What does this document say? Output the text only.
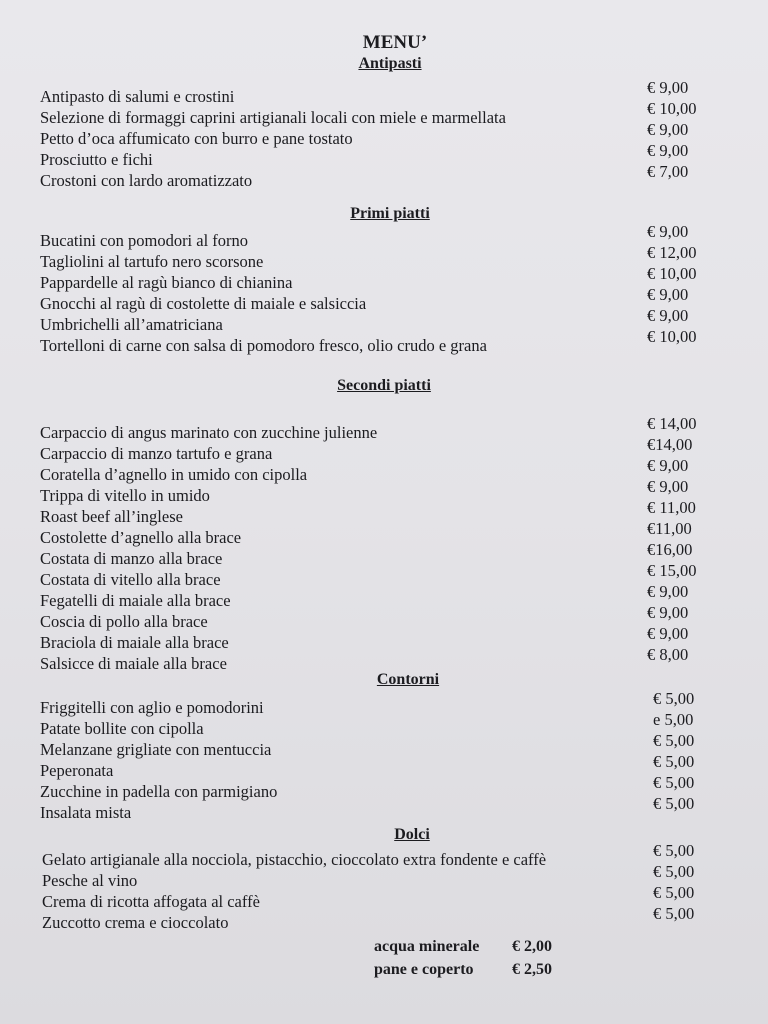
MENU’
Antipasti
Antipasto di salumi e crostini	€ 9,00
Selezione di formaggi caprini artigianali locali con miele e marmellata	€ 10,00
Petto d’oca affumicato con burro e pane tostato	€ 9,00
Prosciutto e fichi	€ 9,00
Crostoni con lardo aromatizzato	€ 7,00
Primi piatti
Bucatini con pomodori al forno	€ 9,00
Tagliolini al tartufo nero scorsone	€ 12,00
Pappardelle al ragù bianco di chianina	€ 10,00
Gnocchi al ragù di costolette di maiale e salsiccia	€ 9,00
Umbrichelli all’amatriciana	€ 9,00
Tortelloni di carne con salsa di pomodoro fresco, olio crudo e grana	€ 10,00
Secondi piatti
Carpaccio di angus marinato con zucchine julienne	€ 14,00
Carpaccio di manzo tartufo e grana	€14,00
Coratella d’agnello in umido con cipolla	€ 9,00
Trippa di vitello in umido	€ 9,00
Roast beef all’inglese	€ 11,00
Costolette d’agnello alla brace	€11,00
Costata di manzo alla brace	€16,00
Costata di vitello alla brace	€ 15,00
Fegatelli di maiale alla brace	€ 9,00
Coscia di pollo alla brace	€ 9,00
Braciola di maiale alla brace	€ 9,00
Salsicce di maiale alla brace	€ 8,00
Contorni
Friggitelli con aglio e pomodorini	€ 5,00
Patate bollite con cipolla	e 5,00
Melanzane grigliate con mentuccia	€ 5,00
Peperonata	€ 5,00
Zucchine in padella con parmigiano	€ 5,00
Insalata mista	€ 5,00
Dolci
Gelato artigianale alla nocciola, pistacchio, cioccolato extra fondente e caffè	€ 5,00
Pesche al vino	€ 5,00
Crema di ricotta affogata al caffè	€ 5,00
Zuccotto crema e cioccolato	€ 5,00
acqua minerale € 2,00
pane e coperto € 2,50
